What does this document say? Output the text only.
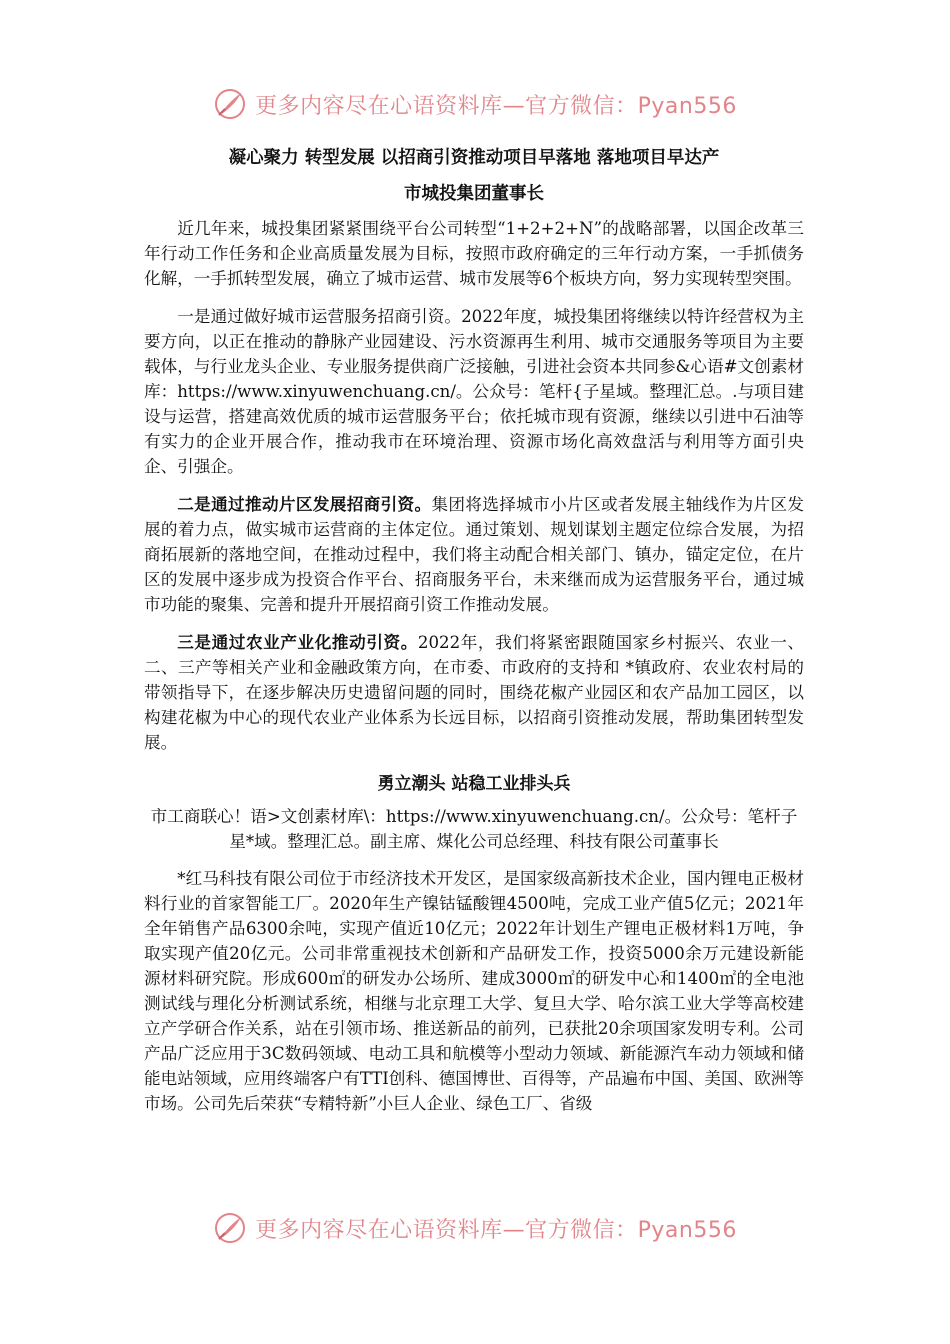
更多内容尽在心语资料库—官方微信：Pyan556
凝心聚力 转型发展 以招商引资推动项目早落地 落地项目早达产
市城投集团董事长

近几年来，城投集团紧紧围绕平台公司转型“1+2+2+N”的战略部署，以国企改革三年行动工作任务和企业高质量发展为目标，按照市政府确定的三年行动方案，一手抓债务化解，一手抓转型发展，确立了城市运营、城市发展等6个板块方向，努力实现转型突围。

一是通过做好城市运营服务招商引资。2022年度，城投集团将继续以特许经营权为主要方向，以正在推动的静脉产业园建设、污水资源再生利用、城市交通服务等项目为主要载体，与行业龙头企业、专业服务提供商广泛接触，引进社会资本共同参&心语#文创素材库：https://www.xinyuwenchuang.cn/。公众号：笔杆{子星域。整理汇总。.与项目建设与运营，搭建高效优质的城市运营服务平台；依托城市现有资源，继续以引进中石油等有实力的企业开展合作，推动我市在环境治理、资源市场化高效盘活与利用等方面引央企、引强企。

二是通过推动片区发展招商引资。集团将选择城市小片区或者发展主轴线作为片区发展的着力点，做实城市运营商的主体定位。通过策划、规划谋划主题定位综合发展，为招商拓展新的落地空间，在推动过程中，我们将主动配合相关部门、镇办，锚定定位，在片区的发展中逐步成为投资合作平台、招商服务平台，未来继而成为运营服务平台，通过城市功能的聚集、完善和提升开展招商引资工作推动发展。

三是通过农业产业化推动引资。2022年，我们将紧密跟随国家乡村振兴、农业一、二、三产等相关产业和金融政策方向，在市委、市政府的支持和 *镇政府、农业农村局的带领指导下，在逐步解决历史遗留问题的同时，围绕花椒产业园区和农产品加工园区，以构建花椒为中心的现代农业产业体系为长远目标，以招商引资推动发展，帮助集团转型发展。

勇立潮头 站稳工业排头兵
市工商联心！语>文创素材库\：https://www.xinyuwenchuang.cn/。公众号：笔杆子星*域。整理汇总。副主席、煤化公司总经理、科技有限公司董事长

*红马科技有限公司位于市经济技术开发区，是国家级高新技术企业，国内锂电正极材料行业的首家智能工厂。2020年生产镍钴锰酸锂4500吨，完成工业产值5亿元；2021年全年销售产品6300余吨，实现产值近10亿元；2022年计划生产锂电正极材料1万吨，争取实现产值20亿元。公司非常重视技术创新和产品研发工作，投资5000余万元建设新能源材料研究院。形成600㎡的研发办公场所、建成3000㎡的研发中心和1400㎡的全电池测试线与理化分析测试系统，相继与北京理工大学、复旦大学、哈尔滨工业大学等高校建立产学研合作关系，站在引领市场、推送新品的前列，已获批20余项国家发明专利。公司产品广泛应用于3C数码领域、电动工具和航模等小型动力领域、新能源汽车动力领域和储能电站领域，应用终端客户有TTI创科、德国博世、百得等，产品遍布中国、美国、欧洲等市场。公司先后荣获“专精特新”小巨人企业、绿色工厂、省级

更多内容尽在心语资料库—官方微信：Pyan556
